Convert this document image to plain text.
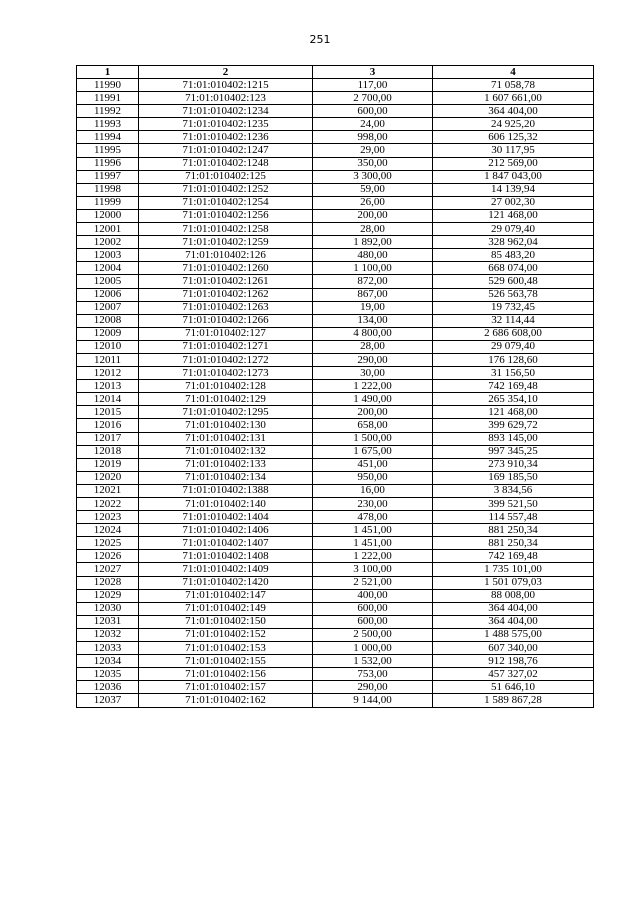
251
1	2	3	4
11990	71:01:010402:1215	117,00	71 058,78
11991	71:01:010402:123	2 700,00	1 607 661,00
11992	71:01:010402:1234	600,00	364 404,00
11993	71:01:010402:1235	24,00	24 925,20
11994	71:01:010402:1236	998,00	606 125,32
11995	71:01:010402:1247	29,00	30 117,95
11996	71:01:010402:1248	350,00	212 569,00
11997	71:01:010402:125	3 300,00	1 847 043,00
11998	71:01:010402:1252	59,00	14 139,94
11999	71:01:010402:1254	26,00	27 002,30
12000	71:01:010402:1256	200,00	121 468,00
12001	71:01:010402:1258	28,00	29 079,40
12002	71:01:010402:1259	1 892,00	328 962,04
12003	71:01:010402:126	480,00	85 483,20
12004	71:01:010402:1260	1 100,00	668 074,00
12005	71:01:010402:1261	872,00	529 600,48
12006	71:01:010402:1262	867,00	526 563,78
12007	71:01:010402:1263	19,00	19 732,45
12008	71:01:010402:1266	134,00	32 114,44
12009	71:01:010402:127	4 800,00	2 686 608,00
12010	71:01:010402:1271	28,00	29 079,40
12011	71:01:010402:1272	290,00	176 128,60
12012	71:01:010402:1273	30,00	31 156,50
12013	71:01:010402:128	1 222,00	742 169,48
12014	71:01:010402:129	1 490,00	265 354,10
12015	71:01:010402:1295	200,00	121 468,00
12016	71:01:010402:130	658,00	399 629,72
12017	71:01:010402:131	1 500,00	893 145,00
12018	71:01:010402:132	1 675,00	997 345,25
12019	71:01:010402:133	451,00	273 910,34
12020	71:01:010402:134	950,00	169 185,50
12021	71:01:010402:1388	16,00	3 834,56
12022	71:01:010402:140	230,00	399 521,50
12023	71:01:010402:1404	478,00	114 557,48
12024	71:01:010402:1406	1 451,00	881 250,34
12025	71:01:010402:1407	1 451,00	881 250,34
12026	71:01:010402:1408	1 222,00	742 169,48
12027	71:01:010402:1409	3 100,00	1 735 101,00
12028	71:01:010402:1420	2 521,00	1 501 079,03
12029	71:01:010402:147	400,00	88 008,00
12030	71:01:010402:149	600,00	364 404,00
12031	71:01:010402:150	600,00	364 404,00
12032	71:01:010402:152	2 500,00	1 488 575,00
12033	71:01:010402:153	1 000,00	607 340,00
12034	71:01:010402:155	1 532,00	912 198,76
12035	71:01:010402:156	753,00	457 327,02
12036	71:01:010402:157	290,00	51 646,10
12037	71:01:010402:162	9 144,00	1 589 867,28
